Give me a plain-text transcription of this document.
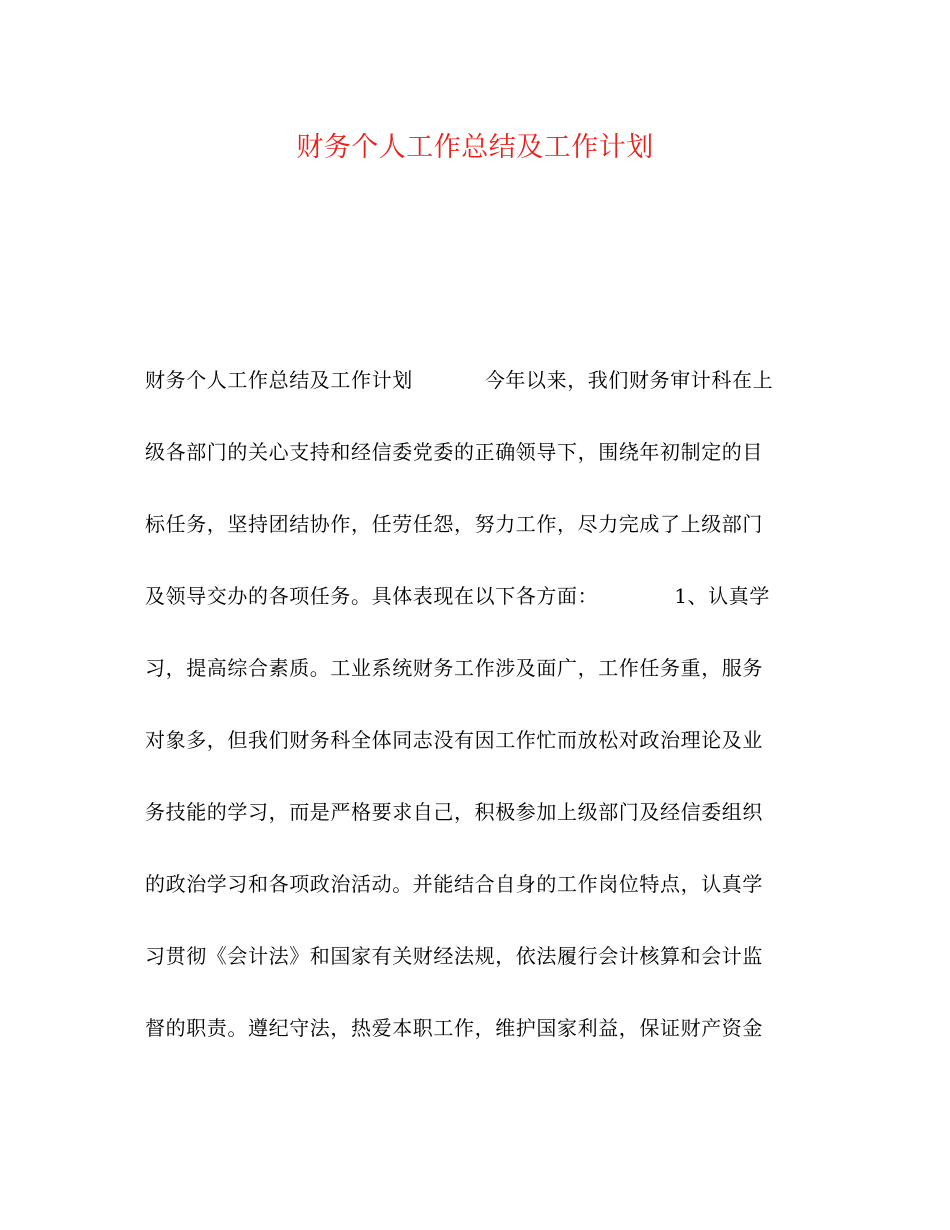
财务个人工作总结及工作计划
财务个人工作总结及工作计划	今年以来，我们财务审计科在上
级各部门的关心支持和经信委党委的正确领导下，围绕年初制定的目
标任务，坚持团结协作，任劳任怨，努力工作，尽力完成了上级部门
及领导交办的各项任务。具体表现在以下各方面：	1、认真学
习，提高综合素质。工业系统财务工作涉及面广，工作任务重，服务
对象多，但我们财务科全体同志没有因工作忙而放松对政治理论及业
务技能的学习，而是严格要求自己，积极参加上级部门及经信委组织
的政治学习和各项政治活动。并能结合自身的工作岗位特点，认真学
习贯彻《会计法》和国家有关财经法规，依法履行会计核算和会计监
督的职责。遵纪守法，热爱本职工作，维护国家利益，保证财产资金
